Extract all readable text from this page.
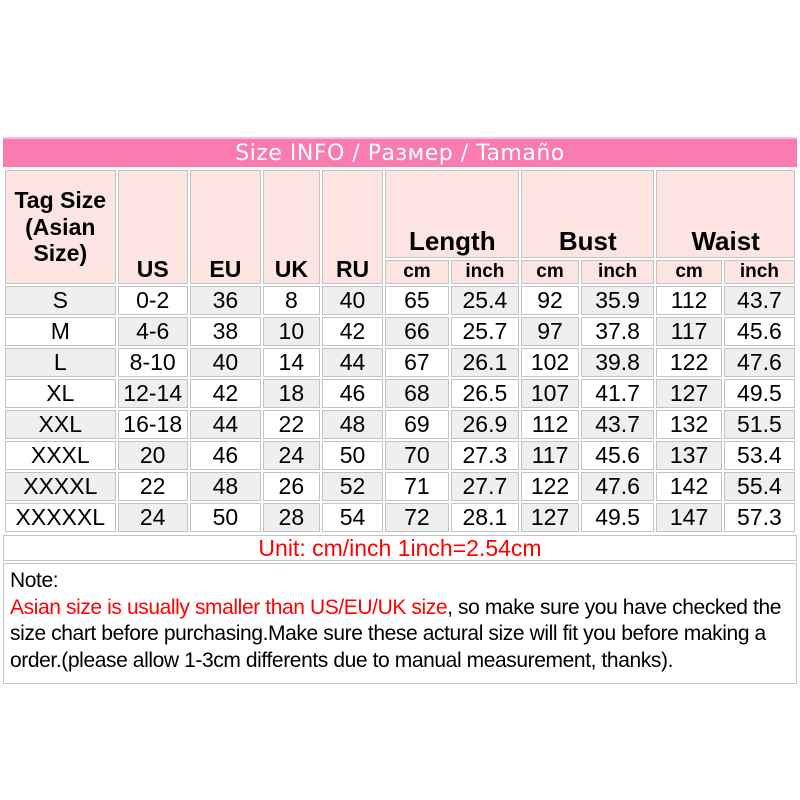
Size INFO / Размер / Tamaño
Tag Size (Asian Size)	US	EU	UK	RU	Length		Bust		Waist	
					cm	inch	cm	inch	cm	inch
S	0-2	36	8	40	65	25.4	92	35.9	112	43.7
M	4-6	38	10	42	66	25.7	97	37.8	117	45.6
L	8-10	40	14	44	67	26.1	102	39.8	122	47.6
XL	12-14	42	18	46	68	26.5	107	41.7	127	49.5
XXL	16-18	44	22	48	69	26.9	112	43.7	132	51.5
XXXL	20	46	24	50	70	27.3	117	45.6	137	53.4
XXXXL	22	48	26	52	71	27.7	122	47.6	142	55.4
XXXXXL	24	50	28	54	72	28.1	127	49.5	147	57.3
Unit: cm/inch 1inch=2.54cm
Note:
Asian size is usually smaller than US/EU/UK size, so make sure you have checked the size chart before purchasing.Make sure these actural size will fit you before making a order.(please allow 1-3cm differents due to manual measurement, thanks).
